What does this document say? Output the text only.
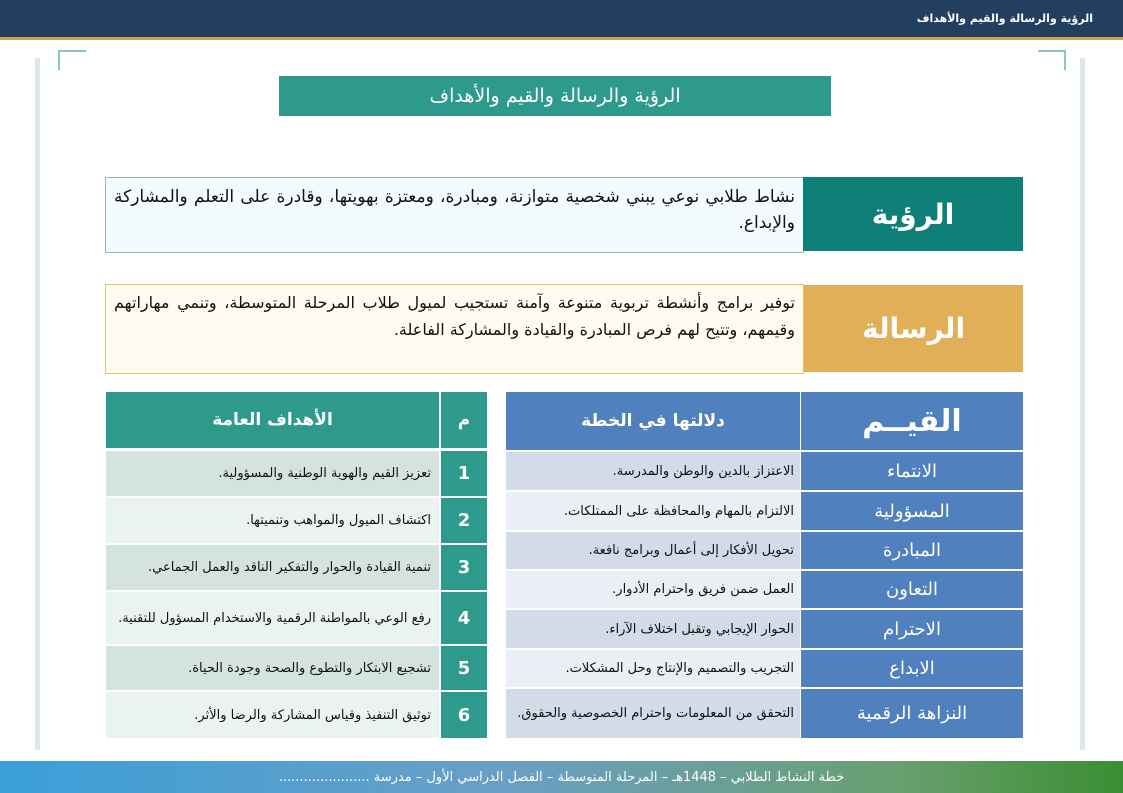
الرؤية والرسالة والقيم والأهداف
الرؤية والرسالة والقيم والأهداف
نشاط طلابي نوعي يبني شخصية متوازنة، ومبادرة، ومعتزة بهويتها، وقادرة على التعلم والمشاركة والإبداع.	الرؤية
توفير برامج وأنشطة تربوية متنوعة وآمنة تستجيب لميول طلاب المرحلة المتوسطة، وتنمي مهاراتهم وقيمهم، وتتيح لهم فرص المبادرة والقيادة والمشاركة الفاعلة.	الرسالة
م
الأهداف العامة
1
تعزيز القيم والهوية الوطنية والمسؤولية.
2
اكتشاف الميول والمواهب وتنميتها.
3
تنمية القيادة والحوار والتفكير الناقد والعمل الجماعي.
4
رفع الوعي بالمواطنة الرقمية والاستخدام المسؤول للتقنية.
5
تشجيع الابتكار والتطوع والصحة وجودة الحياة.
6
توثيق التنفيذ وقياس المشاركة والرضا والأثر.
القيــم
دلالتها في الخطة
الانتماء
الاعتزاز بالدين والوطن والمدرسة.
المسؤولية
الالتزام بالمهام والمحافظة على الممتلكات.
المبادرة
تحويل الأفكار إلى أعمال وبرامج نافعة.
التعاون
العمل ضمن فريق واحترام الأدوار.
الاحترام
الحوار الإيجابي وتقبل اختلاف الآراء.
الابداع
التجريب والتصميم والإنتاج وحل المشكلات.
النزاهة الرقمية
التحقق من المعلومات واحترام الخصوصية والحقوق.
خطة النشاط الطلابي – 1448هـ – المرحلة المتوسطة – الفصل الدراسي الأول – مدرسة ......................
